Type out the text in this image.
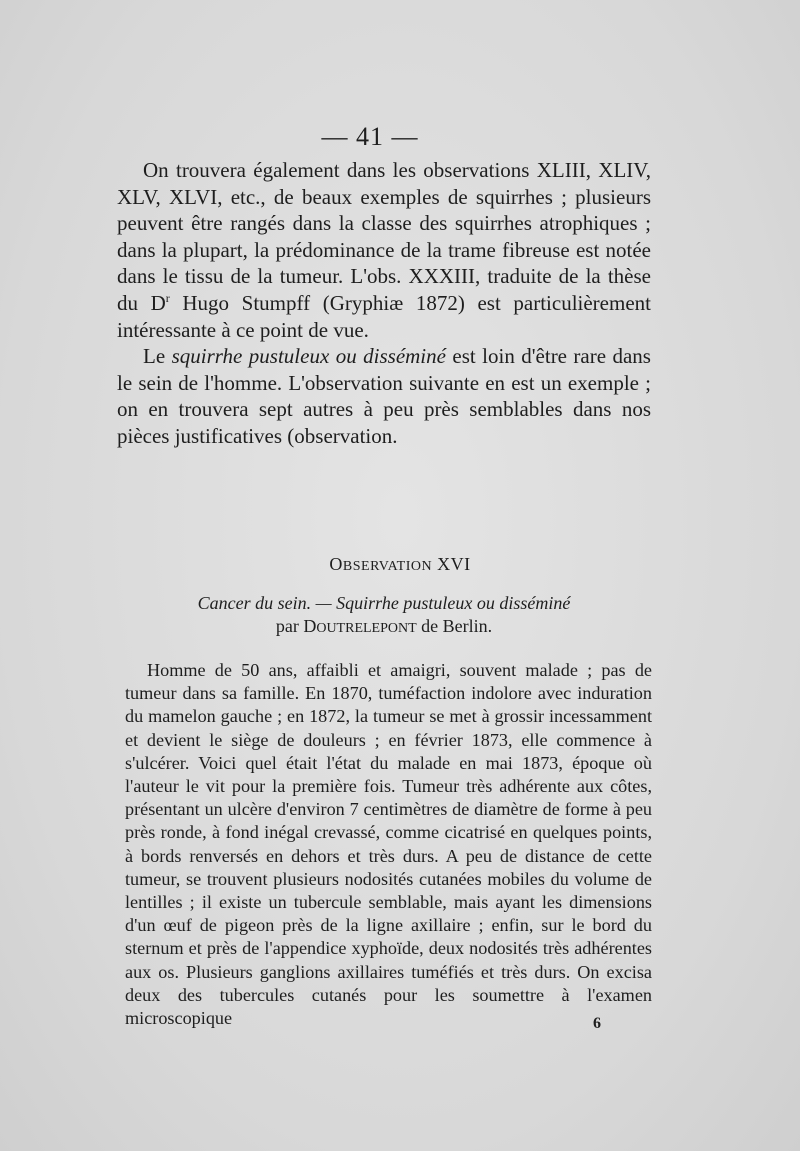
— 41 —

On trouvera également dans les observations XLIII, XLIV, XLV, XLVI, etc., de beaux exemples de squirrhes ; plusieurs peuvent être rangés dans la classe des squirrhes atrophiques ; dans la plupart, la prédominance de la trame fibreuse est notée dans le tissu de la tumeur. L'obs. XXXIII, traduite de la thèse du $D^r$ Hugo Stumpff (Gryphiæ 1872) est particulièrement intéressante à ce point de vue.

Le squirrhe pustuleux ou disséminé est loin d'être rare dans le sein de l'homme. L'observation suivante en est un exemple ; on en trouvera sept autres à peu près semblables dans nos pièces justificatives (observation.

OBSERVATION XVI
Cancer du sein. — Squirrhe pustuleux ou disséminé
par DOUTRELEPONT de Berlin.

Homme de 50 ans, affaibli et amaigri, souvent malade ; pas de tumeur dans sa famille. En 1870, tuméfaction indolore avec induration du mamelon gauche ; en 1872, la tumeur se met à grossir incessamment et devient le siège de douleurs ; en février 1873, elle commence à s'ulcérer. Voici quel était l'état du malade en mai 1873, époque où l'auteur le vit pour la première fois. Tumeur très adhérente aux côtes, présentant un ulcère d'environ 7 centimètres de diamètre de forme à peu près ronde, à fond inégal crevassé, comme cicatrisé en quelques points, à bords renversés en dehors et très durs. A peu de distance de cette tumeur, se trouvent plusieurs nodosités cutanées mobiles du volume de lentilles ; il existe un tubercule semblable, mais ayant les dimensions d'un œuf de pigeon près de la ligne axillaire ; enfin, sur le bord du sternum et près de l'appendice xyphoïde, deux nodosités très adhérentes aux os. Plusieurs ganglions axillaires tuméfiés et très durs. On excisa deux des tubercules cutanés pour les soumettre à l'examen microscopique	6
